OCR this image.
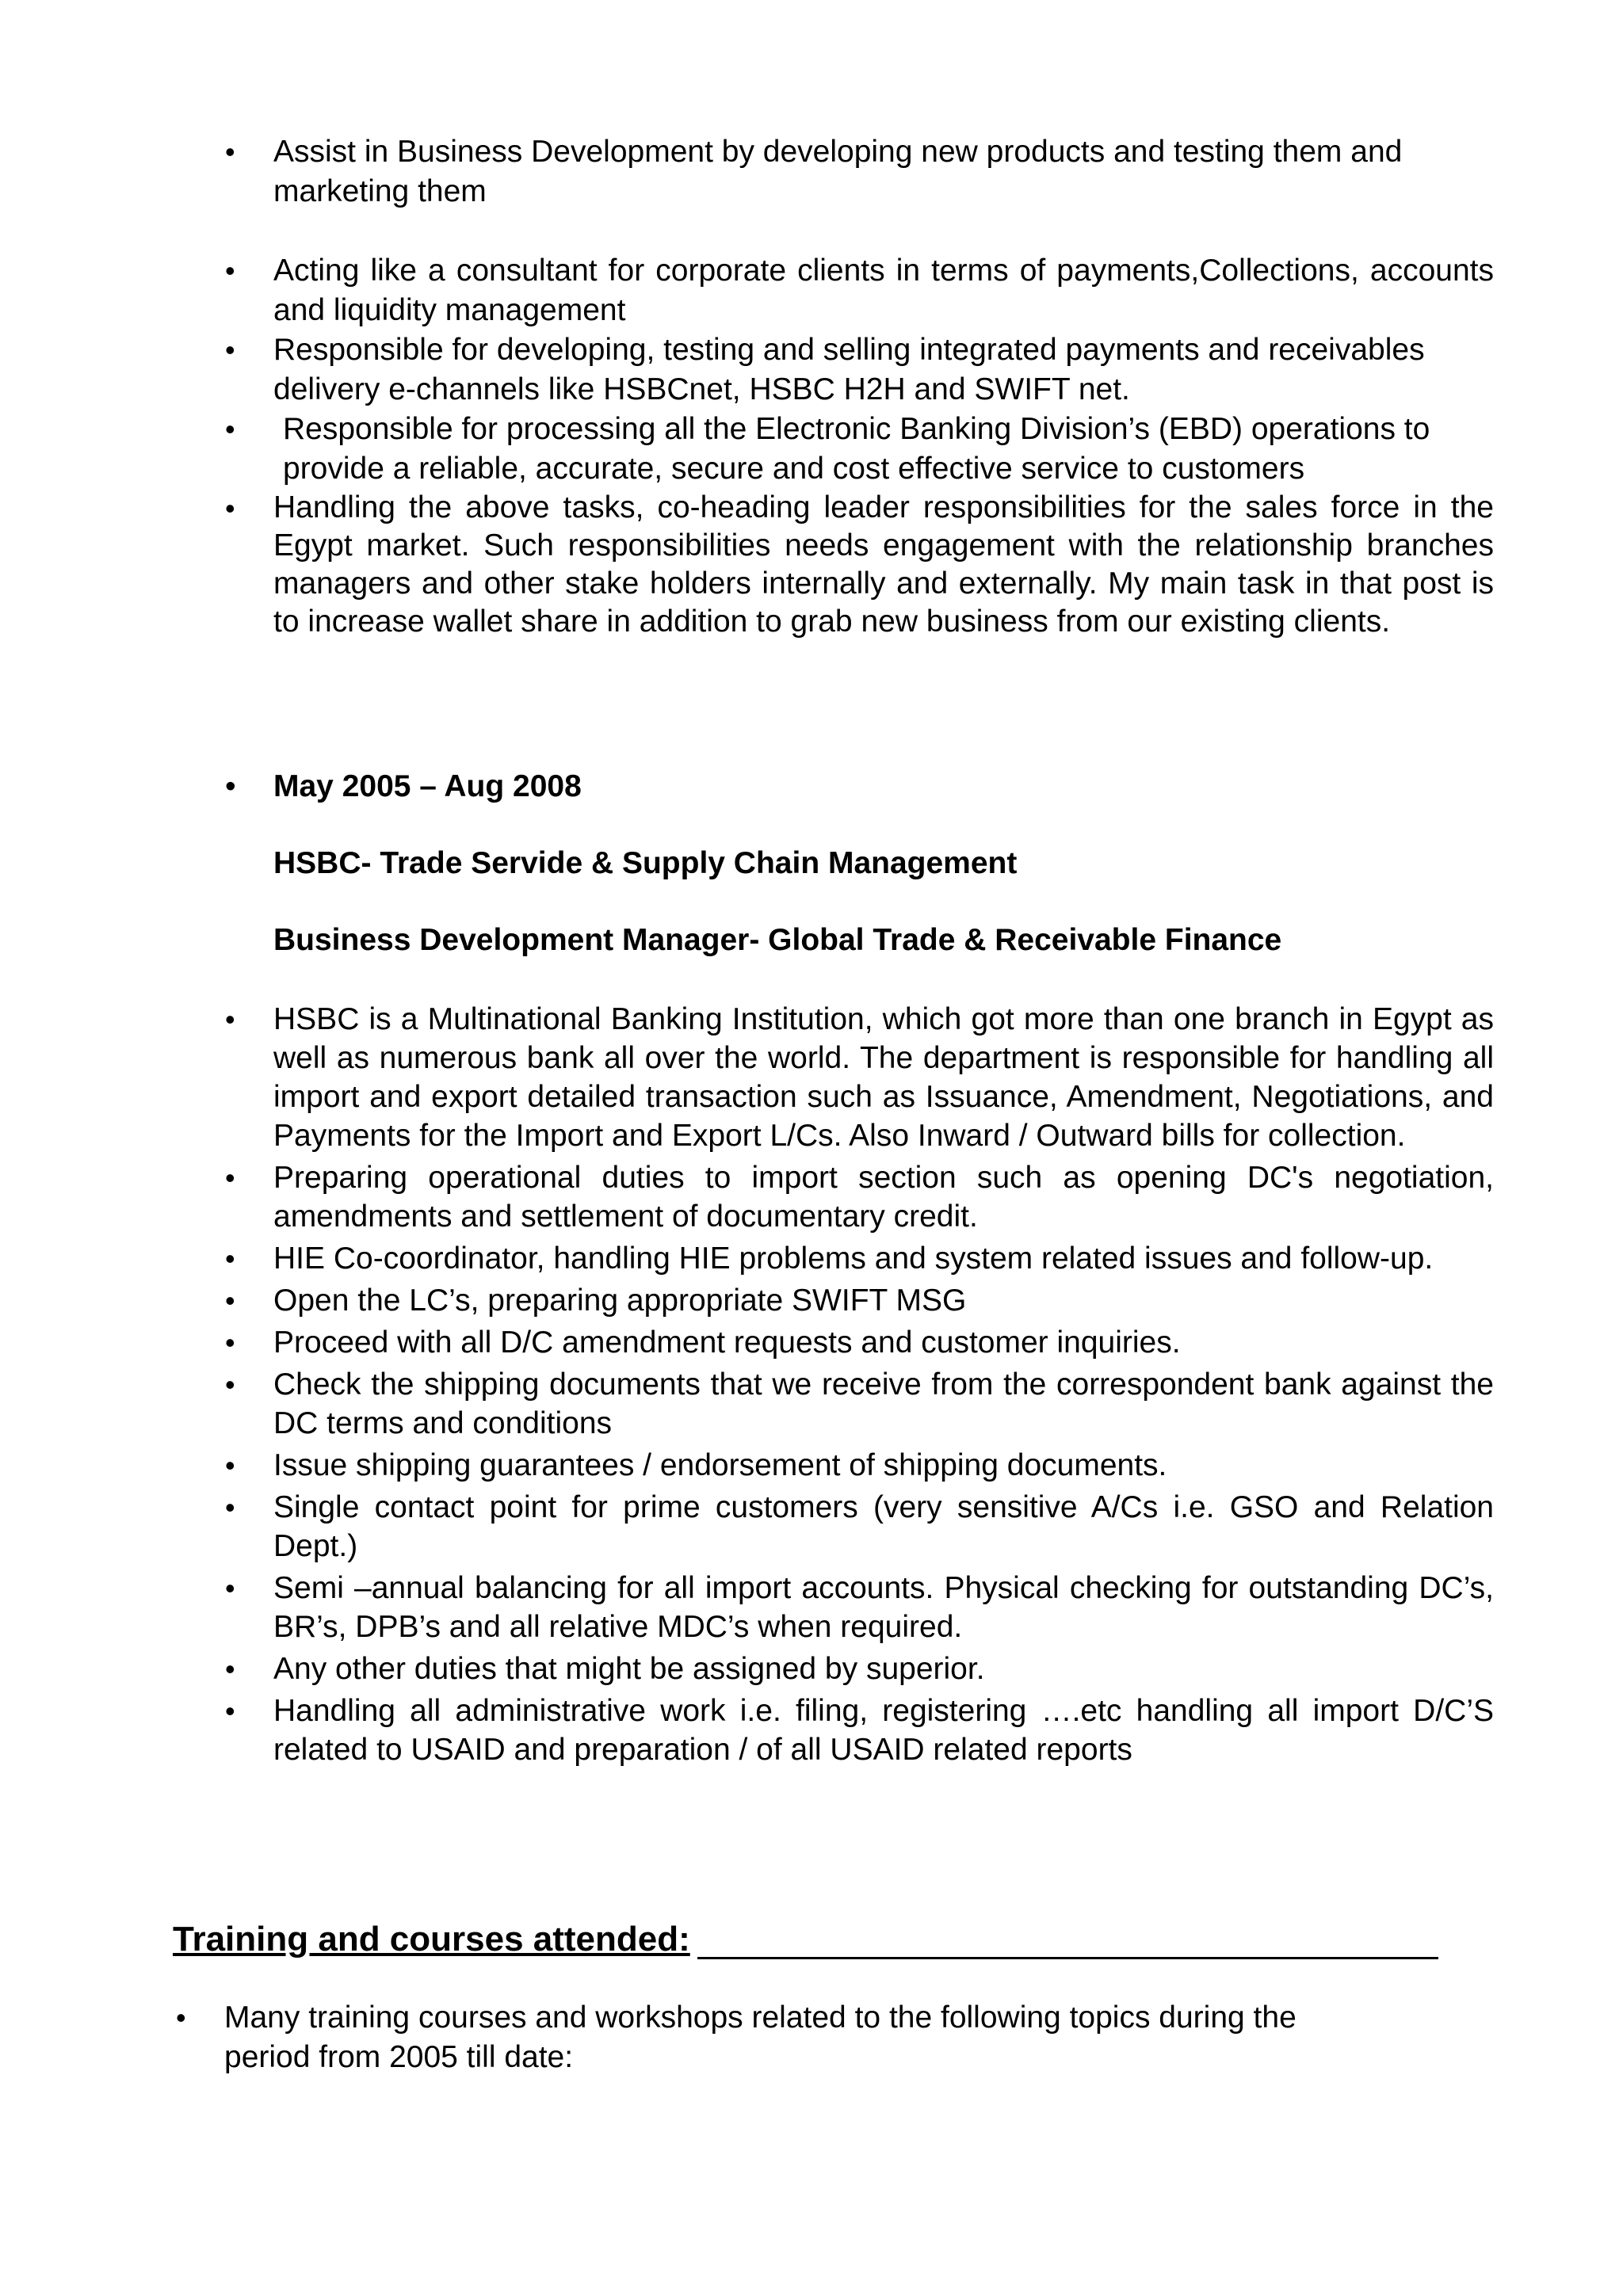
• Assist in Business Development by developing new products and testing them and marketing them
• Acting like a consultant for corporate clients in terms of payments,Collections, accounts and liquidity management
• Responsible for developing, testing and selling integrated payments and receivables delivery e-channels like HSBCnet, HSBC H2H and SWIFT net.
• Responsible for processing all the Electronic Banking Division’s (EBD) operations to provide a reliable, accurate, secure and cost effective service to customers
• Handling the above tasks, co-heading leader responsibilities for the sales force in the Egypt market. Such responsibilities needs engagement with the relationship branches managers and other stake holders internally and externally. My main task in that post is to increase wallet share in addition to grab new business from our existing clients.
• May 2005 – Aug 2008
HSBC- Trade Servide & Supply Chain Management
Business Development Manager- Global Trade & Receivable Finance
• HSBC is a Multinational Banking Institution, which got more than one branch in Egypt as well as numerous bank all over the world. The department is responsible for handling all import and export detailed transaction such as Issuance, Amendment, Negotiations, and Payments for the Import and Export L/Cs. Also Inward / Outward bills for collection.
• Preparing operational duties to import section such as opening DC's negotiation, amendments and settlement of documentary credit.
• HIE Co-coordinator, handling HIE problems and system related issues and follow-up.
• Open the LC’s, preparing appropriate SWIFT MSG
• Proceed with all D/C amendment requests and customer inquiries.
• Check the shipping documents that we receive from the correspondent bank against the DC terms and conditions
• Issue shipping guarantees / endorsement of shipping documents.
• Single contact point for prime customers (very sensitive A/Cs i.e. GSO and Relation Dept.)
• Semi –annual balancing for all import accounts. Physical checking for outstanding DC’s, BR’s, DPB’s and all relative MDC’s when required.
• Any other duties that might be assigned by superior.
• Handling all administrative work i.e. filing, registering ….etc handling all import D/C’S related to USAID and preparation / of all USAID related reports
Training and courses attended:
• Many training courses and workshops related to the following topics during the period from 2005 till date:
